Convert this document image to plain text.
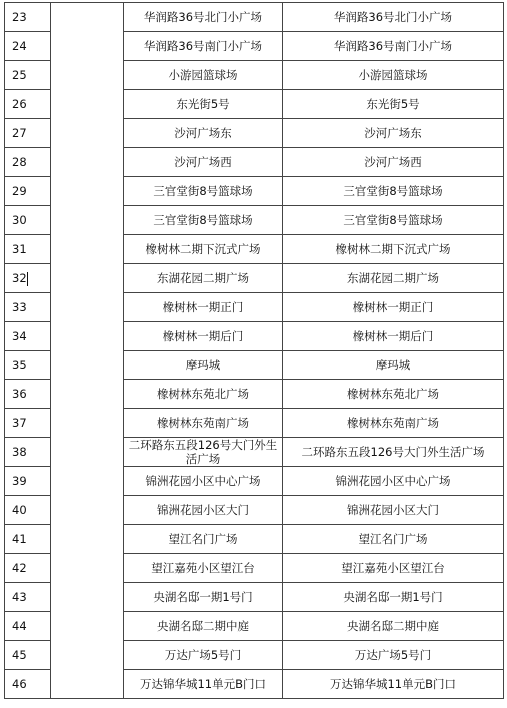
23		华润路36号北门小广场	华润路36号北门小广场
24		华润路36号南门小广场	华润路36号南门小广场
25		小游园篮球场	小游园篮球场
26		东光街5号	东光街5号
27		沙河广场东	沙河广场东
28		沙河广场西	沙河广场西
29		三官堂街8号篮球场	三官堂街8号篮球场
30		三官堂街8号篮球场	三官堂街8号篮球场
31		橡树林二期下沉式广场	橡树林二期下沉式广场
32		东湖花园二期广场	东湖花园二期广场
33		橡树林一期正门	橡树林一期正门
34		橡树林一期后门	橡树林一期后门
35		摩玛城	摩玛城
36		橡树林东苑北广场	橡树林东苑北广场
37		橡树林东苑南广场	橡树林东苑南广场
38		二环路东五段126号大门外生活广场	二环路东五段126号大门外生活广场
39		锦洲花园小区中心广场	锦洲花园小区中心广场
40		锦洲花园小区大门	锦洲花园小区大门
41		望江名门广场	望江名门广场
42		望江嘉苑小区望江台	望江嘉苑小区望江台
43		央湖名邸一期1号门	央湖名邸一期1号门
44		央湖名邸二期中庭	央湖名邸二期中庭
45		万达广场5号门	万达广场5号门
46		万达锦华城11单元B门口	万达锦华城11单元B门口
